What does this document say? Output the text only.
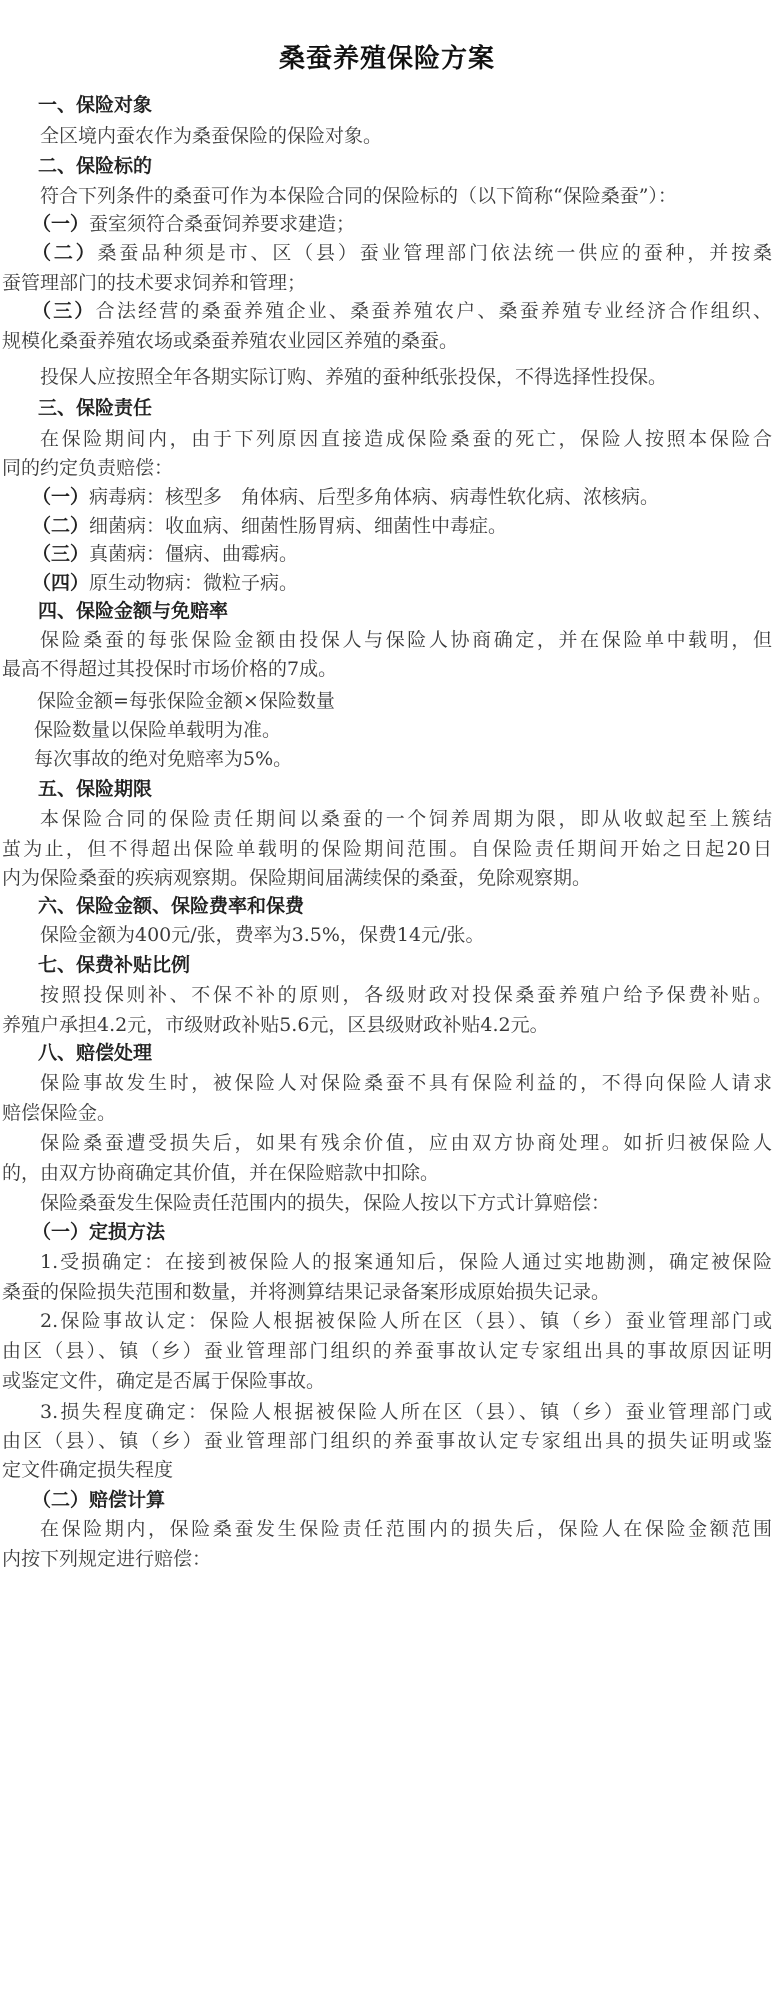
桑蚕养殖保险方案
一、保险对象
全区境内蚕农作为桑蚕保险的保险对象。
二、保险标的
符合下列条件的桑蚕可作为本保险合同的保险标的（以下简称“保险桑蚕”）：
（一）蚕室须符合桑蚕饲养要求建造；
（二）桑蚕品种须是市、区（县）蚕业管理部门依法统一供应的蚕种，并按桑
蚕管理部门的技术要求饲养和管理；
（三）合法经营的桑蚕养殖企业、桑蚕养殖农户、桑蚕养殖专业经济合作组织、
规模化桑蚕养殖农场或桑蚕养殖农业园区养殖的桑蚕。
投保人应按照全年各期实际订购、养殖的蚕种纸张投保，不得选择性投保。
三、保险责任
在保险期间内，由于下列原因直接造成保险桑蚕的死亡，保险人按照本保险合
同的约定负责赔偿：
（一）病毒病：核型多　角体病、后型多角体病、病毒性软化病、浓核病。
（二）细菌病：收血病、细菌性肠胃病、细菌性中毒症。
（三）真菌病：僵病、曲霉病。
（四）原生动物病：微粒子病。
四、保险金额与免赔率
保险桑蚕的每张保险金额由投保人与保险人协商确定，并在保险单中载明，但
最高不得超过其投保时市场价格的7成。
保险金额=每张保险金额×保险数量
保险数量以保险单载明为准。
每次事故的绝对免赔率为5%。
五、保险期限
本保险合同的保险责任期间以桑蚕的一个饲养周期为限，即从收蚁起至上簇结
茧为止，但不得超出保险单载明的保险期间范围。自保险责任期间开始之日起20日
内为保险桑蚕的疾病观察期。保险期间届满续保的桑蚕，免除观察期。
六、保险金额、保险费率和保费
保险金额为400元/张，费率为3.5%，保费14元/张。
七、保费补贴比例
按照投保则补、不保不补的原则，各级财政对投保桑蚕养殖户给予保费补贴。
养殖户承担4.2元，市级财政补贴5.6元，区县级财政补贴4.2元。
八、赔偿处理
保险事故发生时，被保险人对保险桑蚕不具有保险利益的，不得向保险人请求
赔偿保险金。
保险桑蚕遭受损失后，如果有残余价值，应由双方协商处理。如折归被保险人
的，由双方协商确定其价值，并在保险赔款中扣除。
保险桑蚕发生保险责任范围内的损失，保险人按以下方式计算赔偿：
（一）定损方法
1.受损确定：在接到被保险人的报案通知后，保险人通过实地勘测，确定被保险
桑蚕的保险损失范围和数量，并将测算结果记录备案形成原始损失记录。
2.保险事故认定：保险人根据被保险人所在区（县）、镇（乡）蚕业管理部门或
由区（县）、镇（乡）蚕业管理部门组织的养蚕事故认定专家组出具的事故原因证明
或鉴定文件，确定是否属于保险事故。
3.损失程度确定：保险人根据被保险人所在区（县）、镇（乡）蚕业管理部门或
由区（县）、镇（乡）蚕业管理部门组织的养蚕事故认定专家组出具的损失证明或鉴
定文件确定损失程度
（二）赔偿计算
在保险期内，保险桑蚕发生保险责任范围内的损失后，保险人在保险金额范围
内按下列规定进行赔偿：
